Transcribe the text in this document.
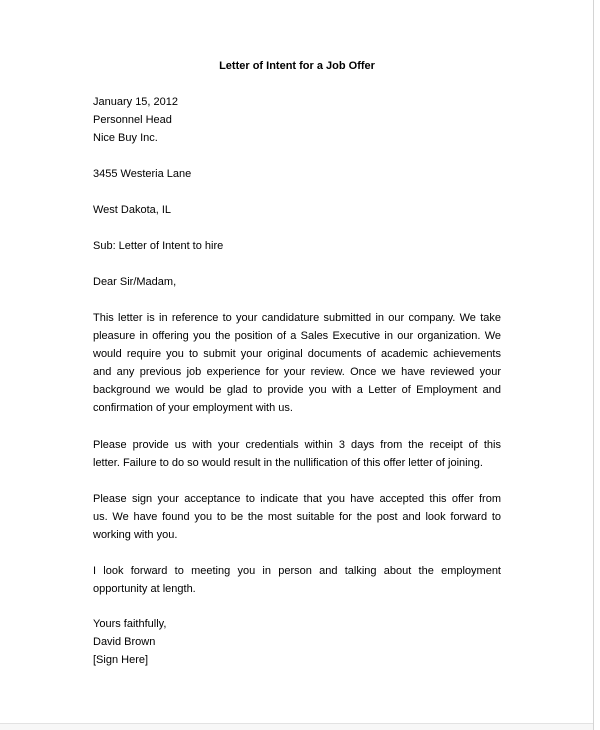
Letter of Intent for a Job Offer
January 15, 2012
Personnel Head
Nice Buy Inc.
3455 Westeria Lane
West Dakota, IL
Sub: Letter of Intent to hire
Dear Sir/Madam,
This letter is in reference to your candidature submitted in our company. We take
pleasure in offering you the position of a Sales Executive in our organization. We
would require you to submit your original documents of academic achievements
and any previous job experience for your review. Once we have reviewed your
background we would be glad to provide you with a Letter of Employment and
confirmation of your employment with us.
Please provide us with your credentials within 3 days from the receipt of this
letter. Failure to do so would result in the nullification of this offer letter of joining.
Please sign your acceptance to indicate that you have accepted this offer from
us. We have found you to be the most suitable for the post and look forward to
working with you.
I look forward to meeting you in person and talking about the employment
opportunity at length.
Yours faithfully,
David Brown
[Sign Here]
